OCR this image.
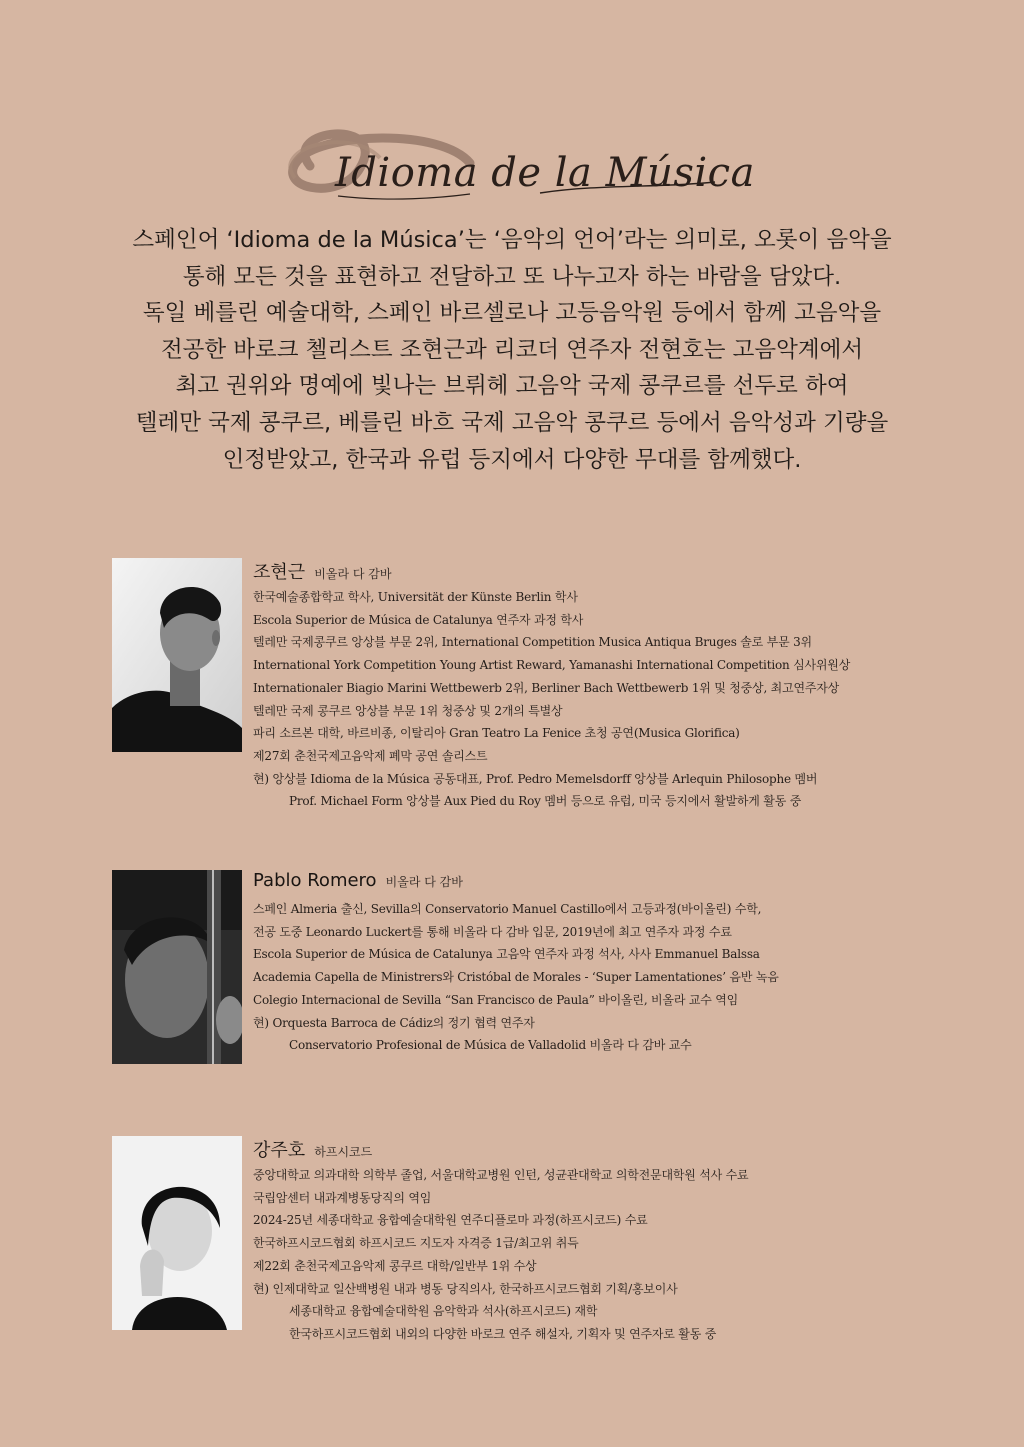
Idioma de la Música
스페인어 ‘Idioma de la Música’는 ‘음악의 언어’라는 의미로, 오롯이 음악을
통해 모든 것을 표현하고 전달하고 또 나누고자 하는 바람을 담았다.
독일 베를린 예술대학, 스페인 바르셀로나 고등음악원 등에서 함께 고음악을
전공한 바로크 첼리스트 조현근과 리코더 연주자 전현호는 고음악계에서
최고 권위와 명예에 빛나는 브뤼헤 고음악 국제 콩쿠르를 선두로 하여
텔레만 국제 콩쿠르, 베를린 바흐 국제 고음악 콩쿠르 등에서 음악성과 기량을
인정받았고, 한국과 유럽 등지에서 다양한 무대를 함께했다.
조현근 비올라 다 감바
한국예술종합학교 학사, Universität der Künste Berlin 학사
Escola Superior de Música de Catalunya 연주자 과정 학사
텔레만 국제콩쿠르 앙상블 부문 2위, International Competition Musica Antiqua Bruges 솔로 부문 3위
International York Competition Young Artist Reward, Yamanashi International Competition 심사위원상
Internationaler Biagio Marini Wettbewerb 2위, Berliner Bach Wettbewerb 1위 및 청중상, 최고연주자상
텔레만 국제 콩쿠르 앙상블 부문 1위 청중상 및 2개의 특별상
파리 소르본 대학, 바르비종, 이탈리아 Gran Teatro La Fenice 초청 공연(Musica Glorifica)
제27회 춘천국제고음악제 폐막 공연 솔리스트
현) 앙상블 Idioma de la Música 공동대표, Prof. Pedro Memelsdorff 앙상블 Arlequin Philosophe 멤버
Prof. Michael Form 앙상블 Aux Pied du Roy 멤버 등으로 유럽, 미국 등지에서 활발하게 활동 중
Pablo Romero 비올라 다 감바
스페인 Almeria 출신, Sevilla의 Conservatorio Manuel Castillo에서 고등과정(바이올린) 수학,
전공 도중 Leonardo Luckert를 통해 비올라 다 감바 입문, 2019년에 최고 연주자 과정 수료
Escola Superior de Música de Catalunya 고음악 연주자 과정 석사, 사사 Emmanuel Balssa
Academia Capella de Ministrers와 Cristóbal de Morales - ‘Super Lamentationes’ 음반 녹음
Colegio Internacional de Sevilla “San Francisco de Paula” 바이올린, 비올라 교수 역임
현) Orquesta Barroca de Cádiz의 정기 협력 연주자
Conservatorio Profesional de Música de Valladolid 비올라 다 감바 교수
강주호 하프시코드
중앙대학교 의과대학 의학부 졸업, 서울대학교병원 인턴, 성균관대학교 의학전문대학원 석사 수료
국립암센터 내과계병동당직의 역임
2024-25년 세종대학교 융합예술대학원 연주디플로마 과정(하프시코드) 수료
한국하프시코드협회 하프시코드 지도자 자격증 1급/최고위 취득
제22회 춘천국제고음악제 콩쿠르 대학/일반부 1위 수상
현) 인제대학교 일산백병원 내과 병동 당직의사, 한국하프시코드협회 기획/홍보이사
세종대학교 융합예술대학원 음악학과 석사(하프시코드) 재학
한국하프시코드협회 내외의 다양한 바로크 연주 해설자, 기획자 및 연주자로 활동 중
